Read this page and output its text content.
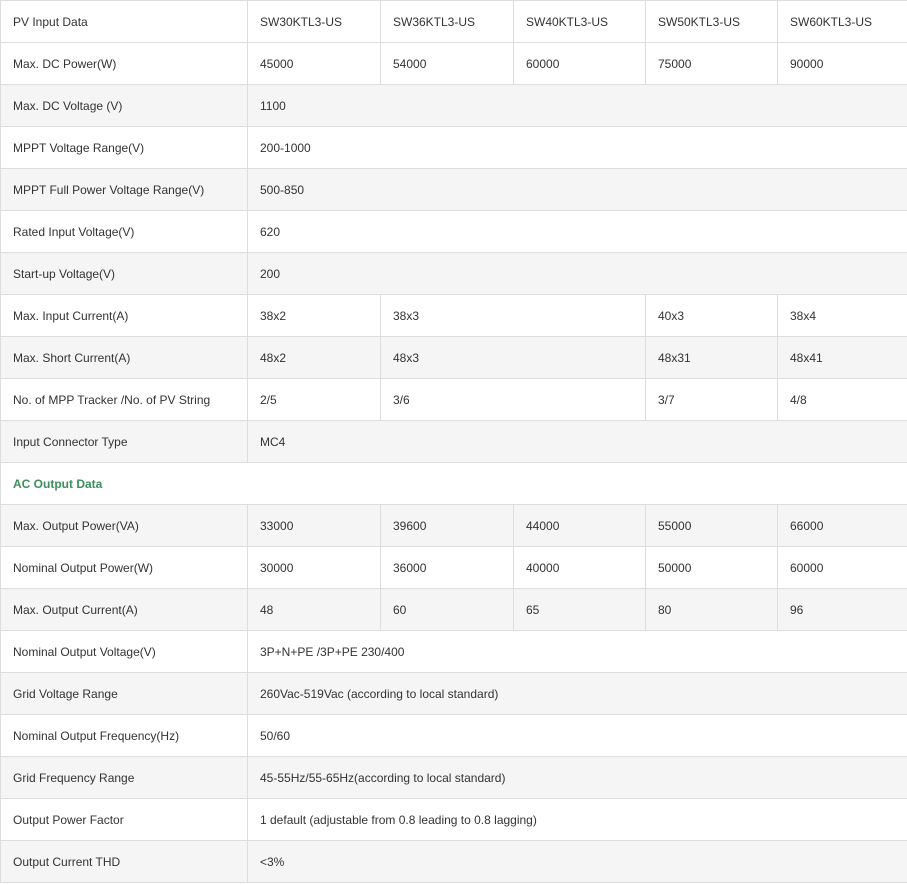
PV Input Data	SW30KTL3-US	SW36KTL3-US	SW40KTL3-US	SW50KTL3-US	SW60KTL3-US
Max. DC Power(W)	45000	54000	60000	75000	90000
Max. DC Voltage (V)	1100				
MPPT Voltage Range(V)	200-1000				
MPPT Full Power Voltage Range(V)	500-850				
Rated Input Voltage(V)	620				
Start-up Voltage(V)	200				
Max. Input Current(A)	38x2	38x3		40x3	38x4
Max. Short Current(A)	48x2	48x3		48x31	48x41
No. of MPP Tracker /No. of PV String	2/5	3/6		3/7	4/8
Input Connector Type	MC4				
AC Output Data					
Max. Output Power(VA)	33000	39600	44000	55000	66000
Nominal Output Power(W)	30000	36000	40000	50000	60000
Max. Output Current(A)	48	60	65	80	96
Nominal Output Voltage(V)	3P+N+PE /3P+PE 230/400				
Grid Voltage Range	260Vac-519Vac (according to local standard)				
Nominal Output Frequency(Hz)	50/60				
Grid Frequency Range	45-55Hz/55-65Hz(according to local standard)				
Output Power Factor	1 default (adjustable from 0.8 leading to 0.8 lagging)				
Output Current THD	<3%				
